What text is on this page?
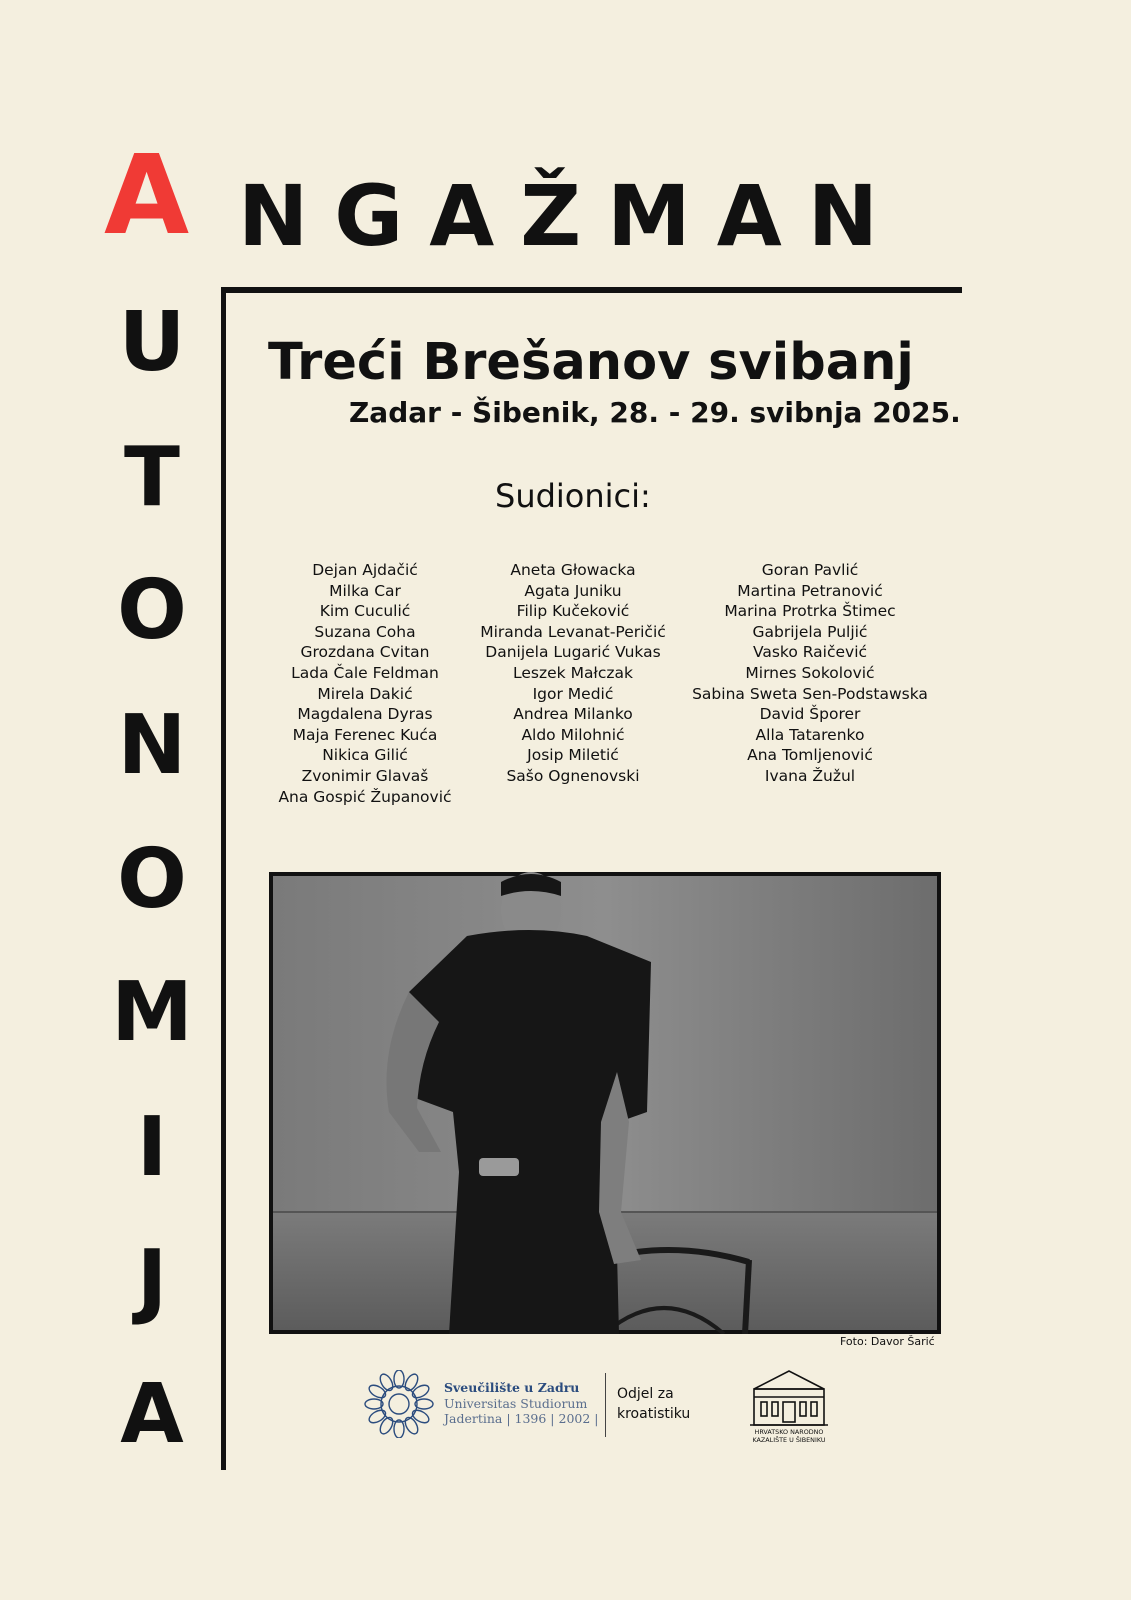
A NGAŽMAN
U
T
O
N
O
M
I
J
A
Treći Brešanov svibanj
Zadar - Šibenik, 28. - 29. svibnja 2025.
Sudionici:
Dejan Ajdačić
Milka Car
Kim Cuculić
Suzana Coha
Grozdana Cvitan
Lada Čale Feldman
Mirela Dakić
Magdalena Dyras
Maja Ferenec Kuća
Nikica Gilić
Zvonimir Glavaš
Ana Gospić Županović
Aneta Głowacka
Agata Juniku
Filip Kučeković
Miranda Levanat-Peričić
Danijela Lugarić Vukas
Leszek Małczak
Igor Medić
Andrea Milanko
Aldo Milohnić
Josip Miletić
Sašo Ognenovski
Goran Pavlić
Martina Petranović
Marina Protrka Štimec
Gabrijela Puljić
Vasko Raičević
Mirnes Sokolović
Sabina Sweta Sen-Podstawska
David Šporer
Alla Tatarenko
Ana Tomljenović
Ivana Žužul
Foto: Davor Šarić
Sveučilište u Zadru
Universitas Studiorum
Jadertina | 1396 | 2002 |
Odjel za
kroatistiku
HRVATSKO NARODNO
KAZALIŠTE U ŠIBENIKU
